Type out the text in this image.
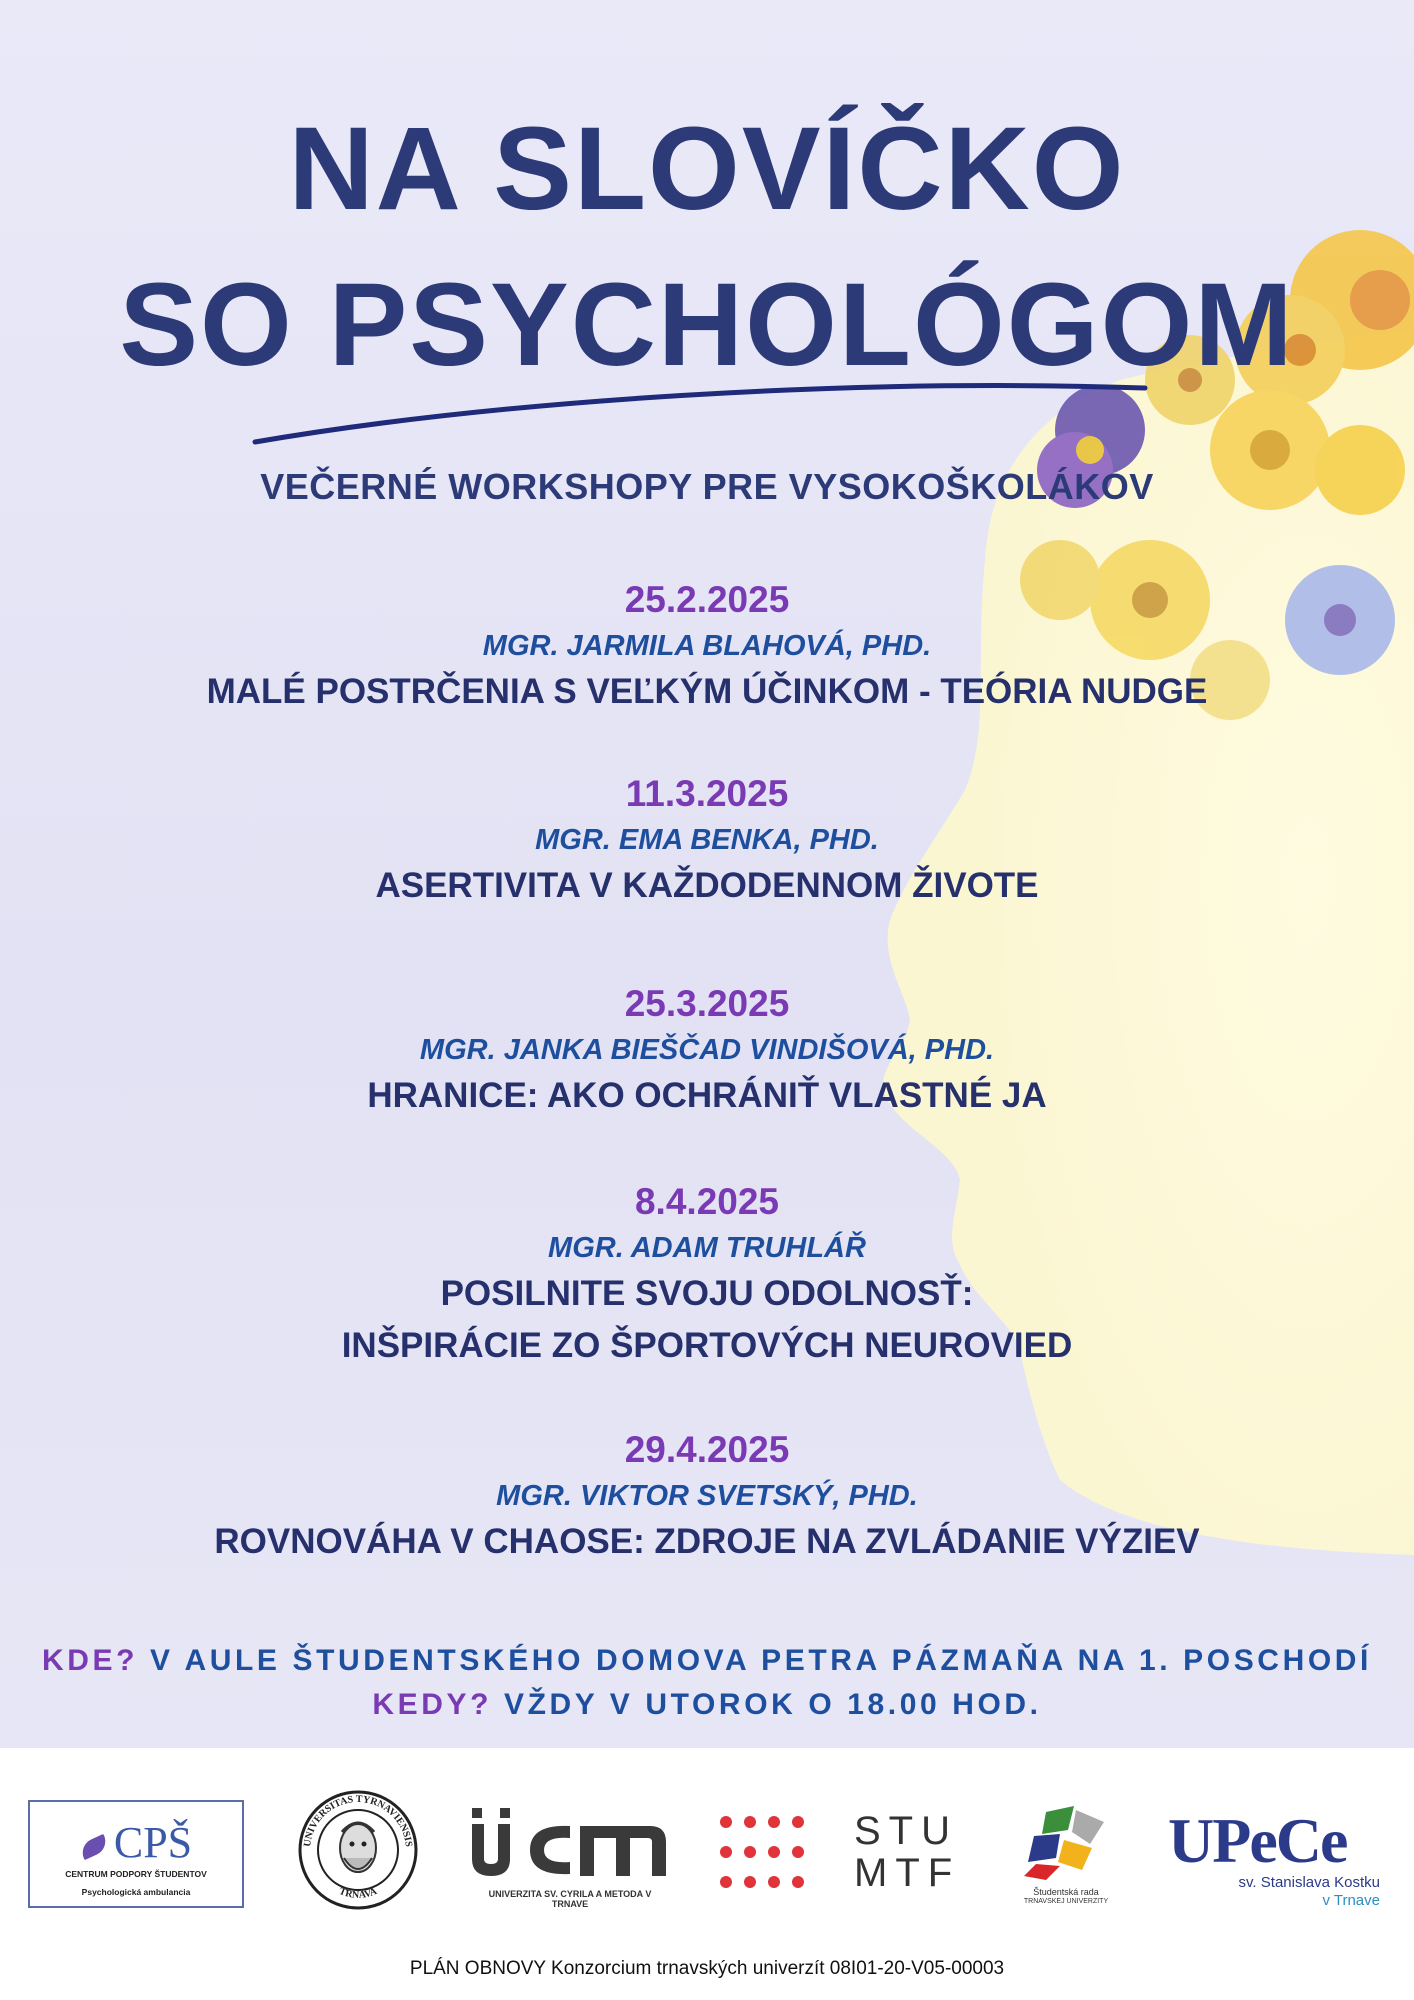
NA SLOVÍČKO
SO PSYCHOLÓGOM
VEČERNÉ WORKSHOPY PRE VYSOKOŠKOLÁKOV
25.2.2025
MGR. JARMILA BLAHOVÁ, PHD.
MALÉ POSTRČENIA S VEĽKÝM ÚČINKOM - TEÓRIA NUDGE
11.3.2025
MGR. EMA BENKA, PHD.
ASERTIVITA V KAŽDODENNOM ŽIVOTE
25.3.2025
MGR. JANKA BIEŠČAD VINDIŠOVÁ, PHD.
HRANICE: AKO OCHRÁNIŤ VLASTNÉ JA
8.4.2025
MGR. ADAM TRUHLÁŘ
POSILNITE SVOJU ODOLNOSŤ:
INŠPIRÁCIE ZO ŠPORTOVÝCH NEUROVIED
29.4.2025
MGR. VIKTOR SVETSKÝ, PHD.
ROVNOVÁHA V CHAOSE: ZDROJE NA ZVLÁDANIE VÝZIEV
KDE? V AULE ŠTUDENTSKÉHO DOMOVA PETRA PÁZMAŇA NA 1. POSCHODÍ
KEDY? VŽDY V UTOROK O 18.00 HOD.
CPŠ
CENTRUM PODPORY ŠTUDENTOV
Psychologická ambulancia
UNIVERSITAS TYRNAVIENSIS
TRNAVA	UNIVERZITA SV. CYRILA A METODA V TRNAVE
STU
MTF	Študentská rada
TRNAVSKEJ UNIVERZITY
UPeCe
sv. Stanislava Kostku
v Trnave
PLÁN OBNOVY Konzorcium trnavských univerzít 08I01-20-V05-00003
